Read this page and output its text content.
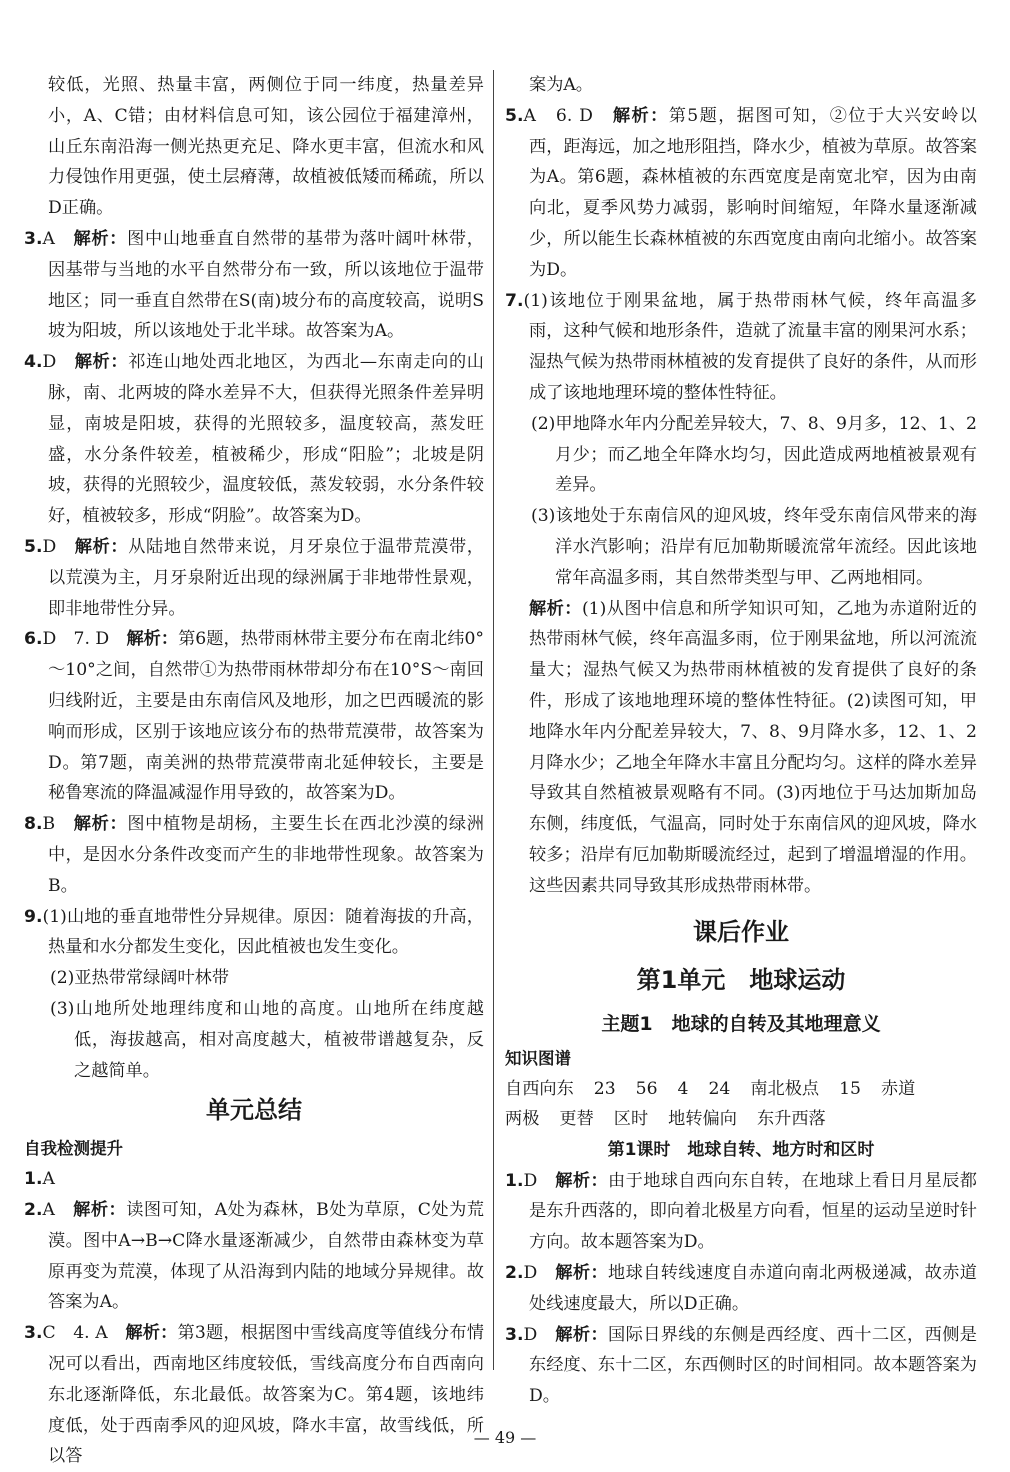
较低，光照、热量丰富，两侧位于同一纬度，热量差异小，A、C错；由材料信息可知，该公园位于福建漳州，山丘东南沿海一侧光热更充足、降水更丰富，但流水和风力侵蚀作用更强，使土层瘠薄，故植被低矮而稀疏，所以D正确。

3.A　 解析：图中山地垂直自然带的基带为落叶阔叶林带，因基带与当地的水平自然带分布一致，所以该地位于温带地区；同一垂直自然带在S(南)坡分布的高度较高，说明S坡为阳坡，所以该地处于北半球。故答案为A。

4.D　 解析：祁连山地处西北地区，为西北—东南走向的山脉，南、北两坡的降水差异不大，但获得光照条件差异明显，南坡是阳坡，获得的光照较多，温度较高，蒸发旺盛，水分条件较差，植被稀少，形成“阳脸”；北坡是阴坡，获得的光照较少，温度较低，蒸发较弱，水分条件较好，植被较多，形成“阴脸”。故答案为D。

5.D　 解析：从陆地自然带来说，月牙泉位于温带荒漠带，以荒漠为主，月牙泉附近出现的绿洲属于非地带性景观，即非地带性分异。

6.D　7. D　 解析：第6题，热带雨林带主要分布在南北纬0°～10°之间，自然带①为热带雨林带却分布在10°S～南回归线附近，主要是由东南信风及地形，加之巴西暖流的影响而形成，区别于该地应该分布的热带荒漠带，故答案为D。第7题，南美洲的热带荒漠带南北延伸较长，主要是秘鲁寒流的降温减湿作用导致的，故答案为D。

8.B　 解析：图中植物是胡杨，主要生长在西北沙漠的绿洲中，是因水分条件改变而产生的非地带性现象。故答案为B。

9.(1)山地的垂直地带性分异规律。原因：随着海拔的升高，热量和水分都发生变化，因此植被也发生变化。

(2)亚热带常绿阔叶林带

(3)山地所处地理纬度和山地的高度。山地所在纬度越低，海拔越高，相对高度越大，植被带谱越复杂，反之越简单。

单元总结

自我检测提升

1.A

2.A　 解析：读图可知，A处为森林，B处为草原，C处为荒漠。图中A→B→C降水量逐渐减少，自然带由森林变为草原再变为荒漠，体现了从沿海到内陆的地域分异规律。故答案为A。

3.C　4. A　 解析：第3题，根据图中雪线高度等值线分布情况可以看出，西南地区纬度较低，雪线高度分布自西南向东北逐渐降低，东北最低。故答案为C。第4题，该地纬度低，处于西南季风的迎风坡，降水丰富，故雪线低，所以答

案为A。

5.A　6. D　 解析：第5题，据图可知，②位于大兴安岭以西，距海远，加之地形阻挡，降水少，植被为草原。故答案为A。第6题，森林植被的东西宽度是南宽北窄，因为由南向北，夏季风势力减弱，影响时间缩短，年降水量逐渐减少，所以能生长森林植被的东西宽度由南向北缩小。故答案为D。

7.(1)该地位于刚果盆地，属于热带雨林气候，终年高温多雨，这种气候和地形条件，造就了流量丰富的刚果河水系；湿热气候为热带雨林植被的发育提供了良好的条件，从而形成了该地地理环境的整体性特征。

(2)甲地降水年内分配差异较大，7、8、9月多，12、1、2月少；而乙地全年降水均匀，因此造成两地植被景观有差异。

(3)该地处于东南信风的迎风坡，终年受东南信风带来的海洋水汽影响；沿岸有厄加勒斯暖流常年流经。因此该地常年高温多雨，其自然带类型与甲、乙两地相同。

解析：(1)从图中信息和所学知识可知，乙地为赤道附近的热带雨林气候，终年高温多雨，位于刚果盆地，所以河流流量大；湿热气候又为热带雨林植被的发育提供了良好的条件，形成了该地地理环境的整体性特征。(2)读图可知，甲地降水年内分配差异较大，7、8、9月降水多，12、1、2月降水少；乙地全年降水丰富且分配均匀。这样的降水差异导致其自然植被景观略有不同。(3)丙地位于马达加斯加岛东侧，纬度低，气温高，同时处于东南信风的迎风坡，降水较多；沿岸有厄加勒斯暖流经过，起到了增温增湿的作用。这些因素共同导致其形成热带雨林带。

课后作业

第1单元　地球运动

主题1　地球的自转及其地理意义

知识图谱

自西向东 23 56 4 24 南北极点 15 赤道

两极 更替 区时 地转偏向 东升西落

第1课时　地球自转、地方时和区时

1.D　 解析：由于地球自西向东自转，在地球上看日月星辰都是东升西落的，即向着北极星方向看，恒星的运动呈逆时针方向。故本题答案为D。

2.D　 解析：地球自转线速度自赤道向南北两极递减，故赤道处线速度最大，所以D正确。

3.D　 解析：国际日界线的东侧是西经度、西十二区，西侧是东经度、东十二区，东西侧时区的时间相同。故本题答案为D。

— 49 —
